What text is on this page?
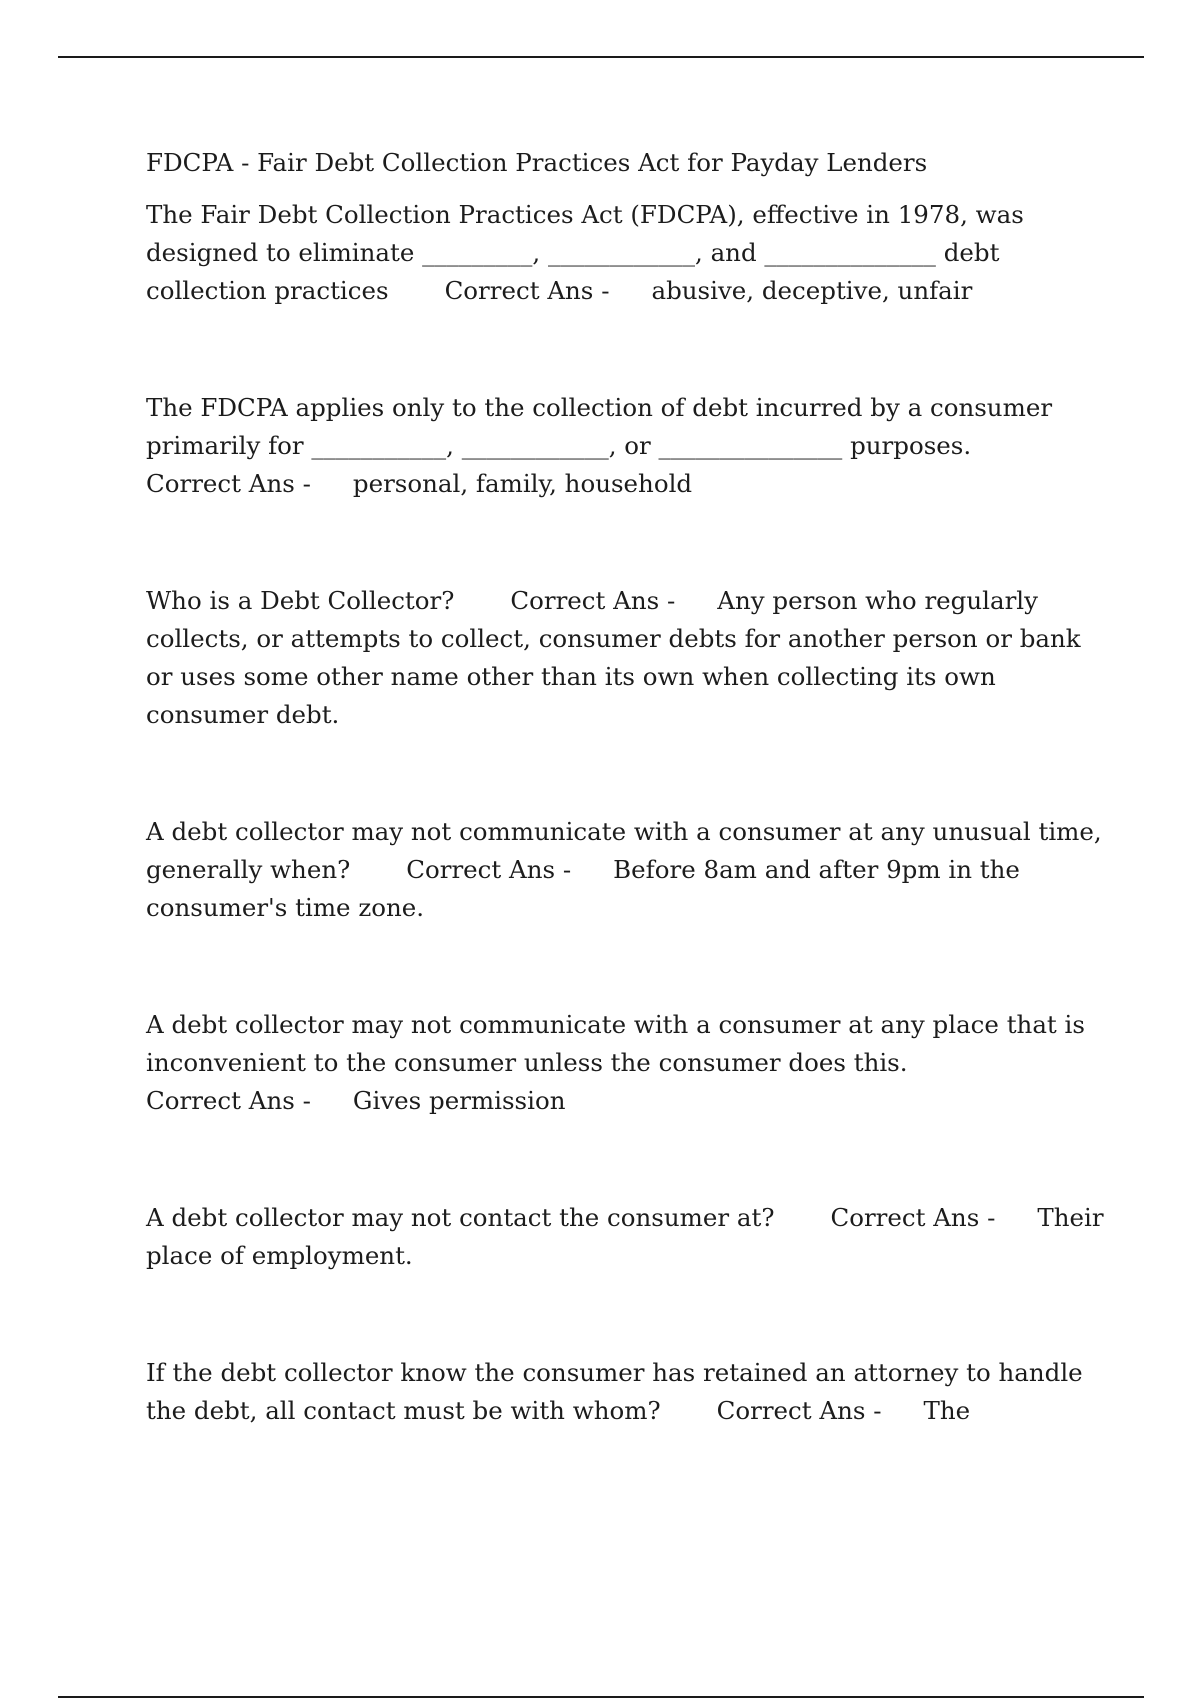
FDCPA - Fair Debt Collection Practices Act for Payday Lenders
The Fair Debt Collection Practices Act (FDCPA), effective in 1978, was designed to eliminate _________, ____________, and ______________ debt collection practices Correct Ans - abusive, deceptive, unfair
The FDCPA applies only to the collection of debt incurred by a consumer primarily for ___________, ____________, or _______________ purposes.Correct Ans - personal, family, household
Who is a Debt Collector? Correct Ans - Any person who regularly collects, or attempts to collect, consumer debts for another person or bank or uses some other name other than its own when collecting its own consumer debt.
A debt collector may not communicate with a consumer at any unusual time, generally when? Correct Ans - Before 8am and after 9pm in the consumer's time zone.
A debt collector may not communicate with a consumer at any place that is inconvenient to the consumer unless the consumer does this.Correct Ans - Gives permission
A debt collector may not contact the consumer at? Correct Ans - Their place of employment.
If the debt collector know the consumer has retained an attorney to handle the debt, all contact must be with whom? Correct Ans - The
